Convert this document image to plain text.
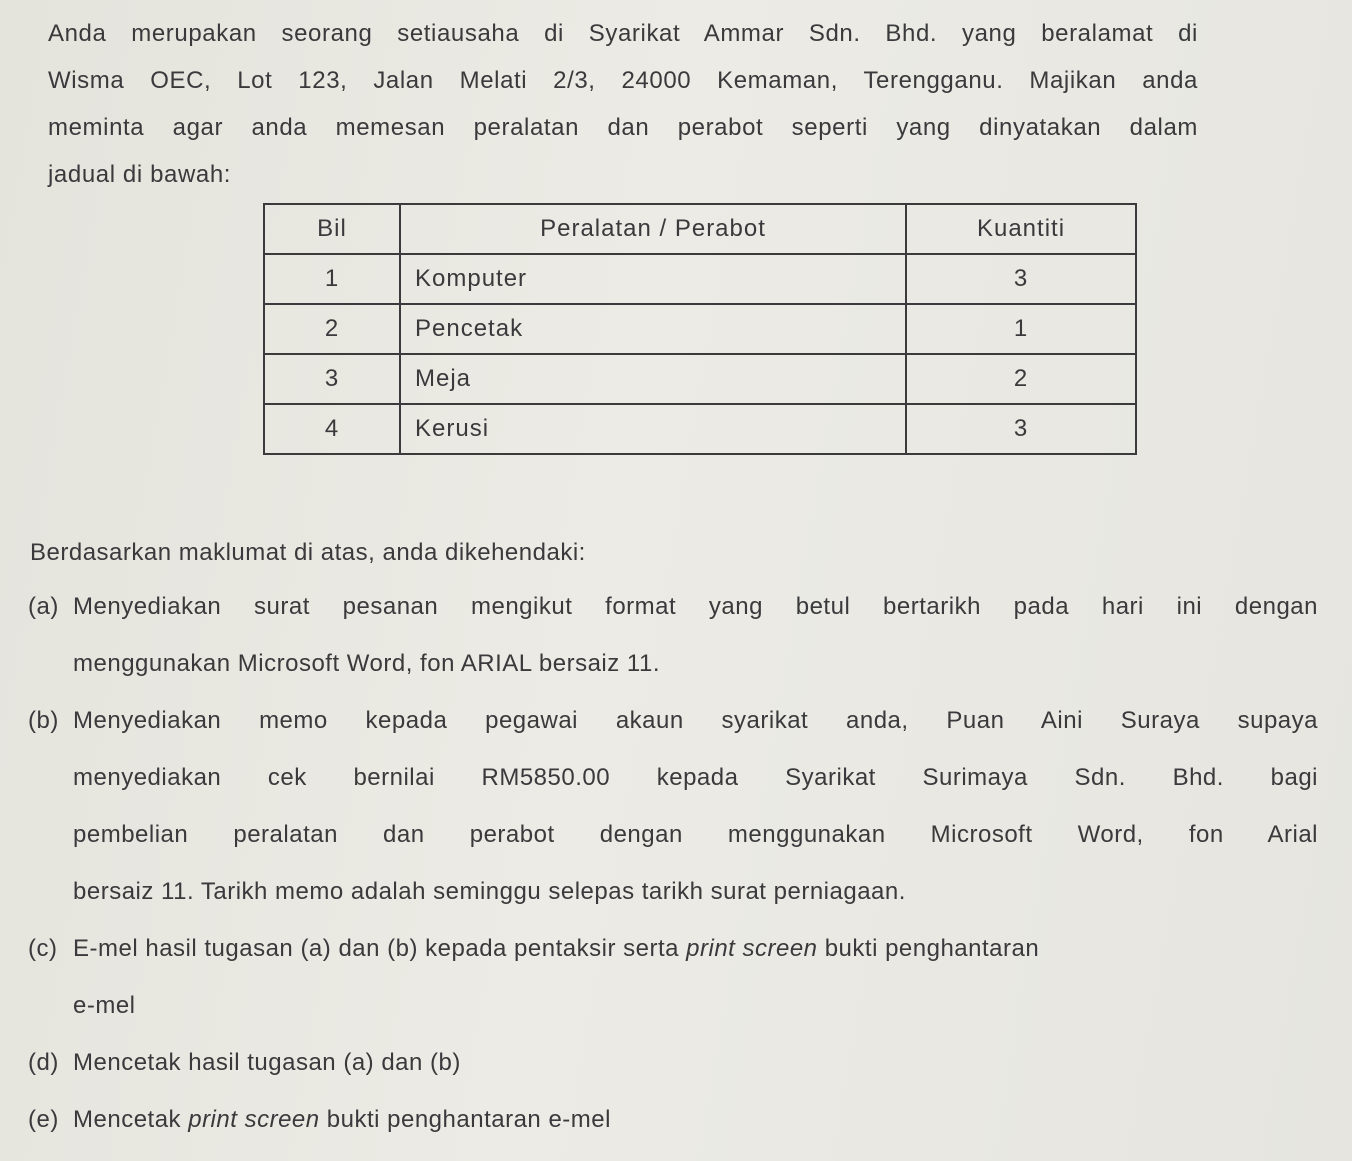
Anda merupakan seorang setiausaha di Syarikat Ammar Sdn. Bhd. yang beralamat di
Wisma OEC, Lot 123, Jalan Melati 2/3, 24000 Kemaman, Terengganu. Majikan anda
meminta agar anda memesan peralatan dan perabot seperti yang dinyatakan dalam
jadual di bawah:

Bil	Peralatan / Perabot	Kuantiti
1	Komputer	3
2	Pencetak	1
3	Meja	2
4	Kerusi	3

Berdasarkan maklumat di atas, anda dikehendaki:

(a) Menyediakan surat pesanan mengikut format yang betul bertarikh pada hari ini dengan
menggunakan Microsoft Word, fon ARIAL bersaiz 11.
(b) Menyediakan memo kepada pegawai akaun syarikat anda, Puan Aini Suraya supaya
menyediakan cek bernilai RM5850.00 kepada Syarikat Surimaya Sdn. Bhd. bagi
pembelian peralatan dan perabot dengan menggunakan Microsoft Word, fon Arial
bersaiz 11. Tarikh memo adalah seminggu selepas tarikh surat perniagaan.
(c) E-mel hasil tugasan (a) dan (b) kepada pentaksir serta print screen bukti penghantaran
e-mel
(d) Mencetak hasil tugasan (a) dan (b)
(e) Mencetak print screen bukti penghantaran e-mel
